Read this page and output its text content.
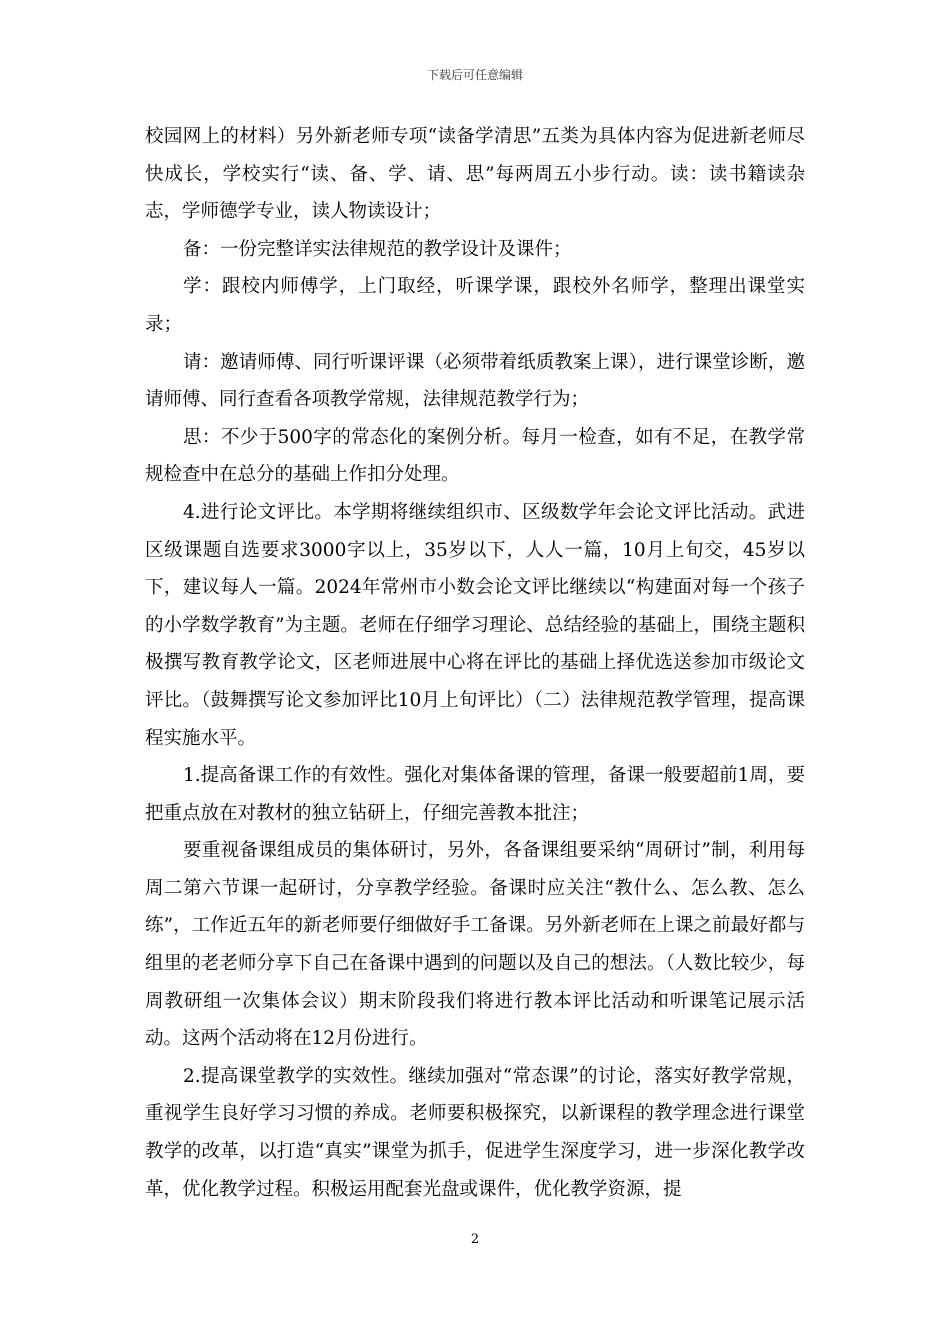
下载后可任意编辑

校园网上的材料）另外新老师专项“读备学清思”五类为具体内容为促进新老师尽快成长，学校实行“读、备、学、请、思”每两周五小步行动。读：读书籍读杂志，学师德学专业，读人物读设计；

备：一份完整详实法律规范的教学设计及课件；

学：跟校内师傅学，上门取经，听课学课，跟校外名师学，整理出课堂实录；

请：邀请师傅、同行听课评课（必须带着纸质教案上课），进行课堂诊断，邀请师傅、同行查看各项教学常规，法律规范教学行为；

思：不少于500字的常态化的案例分析。每月一检查，如有不足，在教学常规检查中在总分的基础上作扣分处理。

4.进行论文评比。本学期将继续组织市、区级数学年会论文评比活动。武进区级课题自选要求3000字以上，35岁以下，人人一篇，10月上旬交，45岁以下，建议每人一篇。2024年常州市小数会论文评比继续以“构建面对每一个孩子的小学数学教育”为主题。老师在仔细学习理论、总结经验的基础上，围绕主题积极撰写教育教学论文，区老师进展中心将在评比的基础上择优选送参加市级论文评比。（鼓舞撰写论文参加评比10月上旬评比）（二）法律规范教学管理，提高课程实施水平。

1.提高备课工作的有效性。强化对集体备课的管理，备课一般要超前1周，要把重点放在对教材的独立钻研上，仔细完善教本批注；

要重视备课组成员的集体研讨，另外，各备课组要采纳“周研讨”制，利用每周二第六节课一起研讨，分享教学经验。备课时应关注“教什么、怎么教、怎么练”，工作近五年的新老师要仔细做好手工备课。另外新老师在上课之前最好都与组里的老老师分享下自己在备课中遇到的问题以及自己的想法。（人数比较少，每周教研组一次集体会议）期末阶段我们将进行教本评比活动和听课笔记展示活动。这两个活动将在12月份进行。

2.提高课堂教学的实效性。继续加强对“常态课”的讨论，落实好教学常规，重视学生良好学习习惯的养成。老师要积极探究，以新课程的教学理念进行课堂教学的改革，以打造“真实”课堂为抓手，促进学生深度学习，进一步深化教学改革，优化教学过程。积极运用配套光盘或课件，优化教学资源，提

2
